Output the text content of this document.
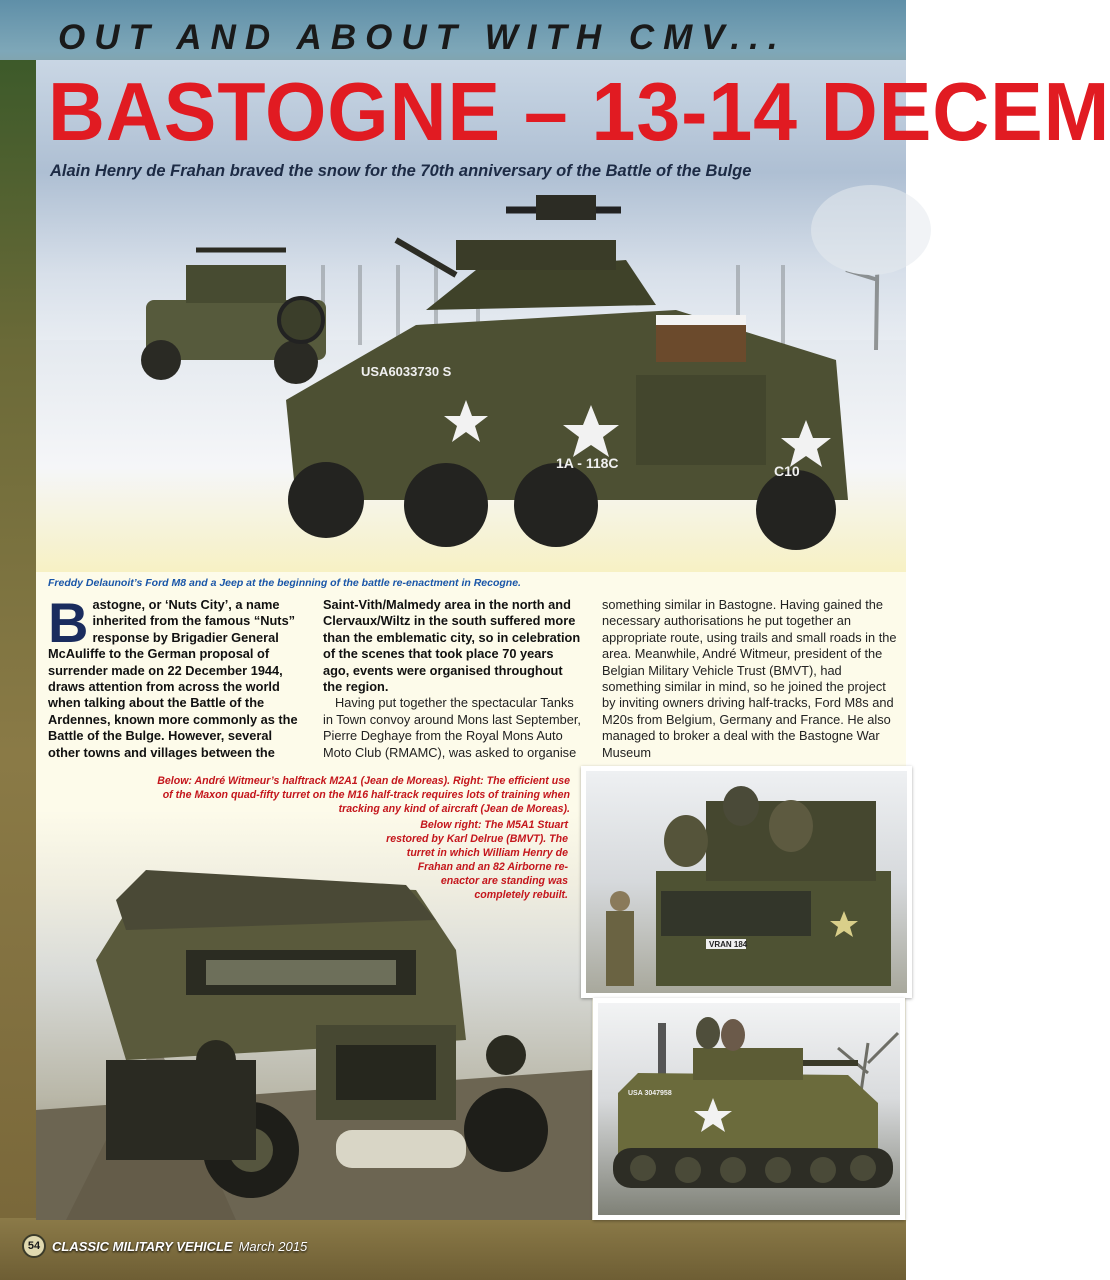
OUT AND ABOUT WITH CMV...
USA6033730 S
1A - 118C	C10
BASTOGNE – 13-14 DECEM

Alain Henry de Frahan braved the snow for the 70th anniversary of the Battle of the Bulge

Freddy Delaunoit’s Ford M8 and a Jeep at the beginning of the battle re-enactment in Recogne.

B astogne, or ‘Nuts City’, a name inherited from the famous “Nuts” response by Brigadier General McAuliffe to the German proposal of surrender made on 22 December 1944, draws attention from across the world when talking about the Battle of the Ardennes, known more commonly as the Battle of the Bulge. However, several other towns and villages between the

Saint-Vith/Malmedy area in the north and Clervaux/Wiltz in the south suffered more than the emblematic city, so in celebration of the scenes that took place 70 years ago, events were organised throughout the region.

Having put together the spectacular Tanks in Town convoy around Mons last September, Pierre Deghaye from the Royal Mons Auto Moto Club (RMAMC), was asked to organise

something similar in Bastogne. Having gained the necessary authorisations he put together an appropriate route, using trails and small roads in the area. Meanwhile, André Witmeur, president of the Belgian Military Vehicle Trust (BMVT), had something similar in mind, so he joined the project by inviting owners driving half-tracks, Ford M8s and M20s from Belgium, Germany and France. He also managed to broker a deal with the Bastogne War Museum

Below: André Witmeur’s halftrack M2A1 (Jean de Moreas). Right: The efficient use of the Maxon quad-fifty turret on the M16 half-track requires lots of training when tracking any kind of aircraft (Jean de Moreas).

Below right: The M5A1 Stuart restored by Karl Delrue (BMVT). The turret in which William Henry de Frahan and an 82 Airborne re-enactor are standing was completely rebuilt.

VRAN 184
USA 3047958
54 CLASSIC MILITARY VEHICLE March 2015
